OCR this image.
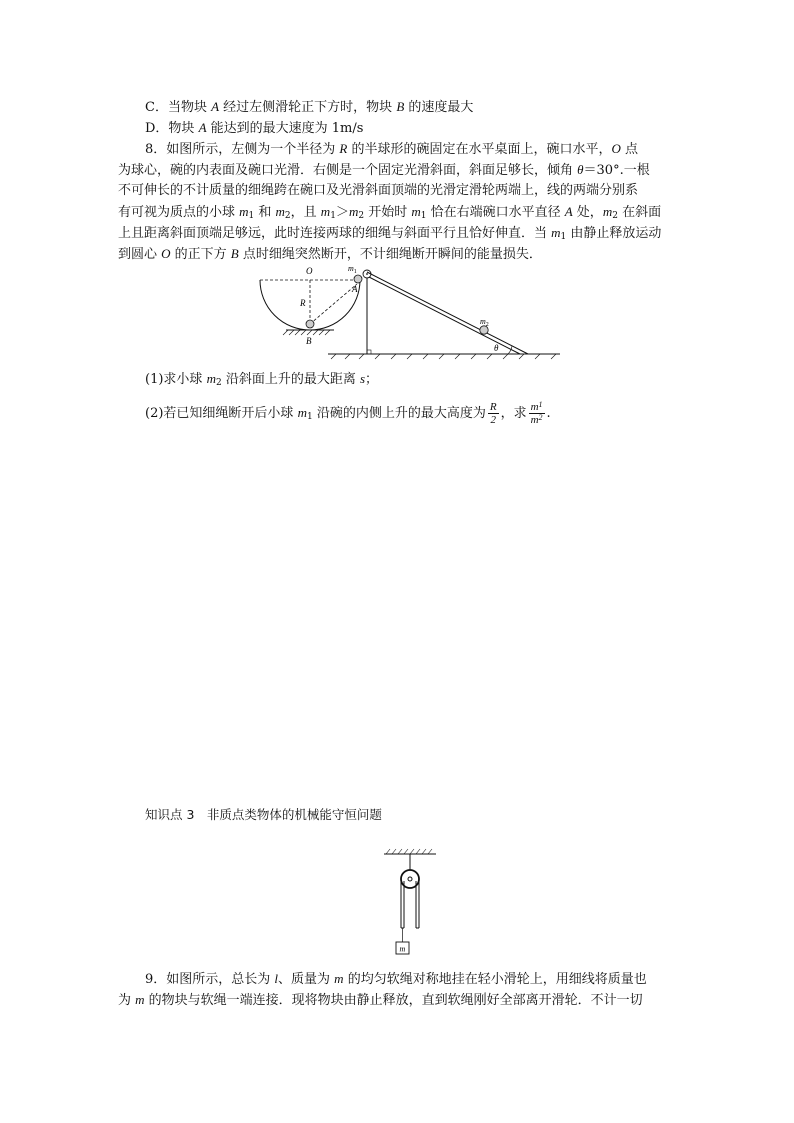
C．当物块 A 经过左侧滑轮正下方时，物块 B 的速度最大
D．物块 A 能达到的最大速度为 1m/s
8．如图所示，左侧为一个半径为 R 的半球形的碗固定在水平桌面上，碗口水平，O 点
为球心，碗的内表面及碗口光滑．右侧是一个固定光滑斜面，斜面足够长，倾角 θ＝30°.一根
不可伸长的不计质量的细绳跨在碗口及光滑斜面顶端的光滑定滑轮两端上，线的两端分别系
有可视为质点的小球 $m_1$ 和 $m_2$，且 $m_1>m_2$ 开始时 $m_1$ 恰在右端碗口水平直径 A 处，$m_2$ 在斜面
上且距离斜面顶端足够远，此时连接两球的细绳与斜面平行且恰好伸直．当 $m_1$ 由静止释放运动
到圆心 O 的正下方 B 点时细绳突然断开，不计细绳断开瞬间的能量损失．
O
R
A
B
$m_1$
$m_2$
θ
(1)求小球 $m_2$ 沿斜面上升的最大距离 s；
(2)若已知细绳断开后小球 $m_1$ 沿碗的内侧上升的最大高度为 $\frac{R}{2}$ ，求 $\frac{m^1}{m^2}$ .
知识点 3　非质点类物体的机械能守恒问题
m
9．如图所示，总长为 l、质量为 m 的均匀软绳对称地挂在轻小滑轮上，用细线将质量也
为 m 的物块与软绳一端连接．现将物块由静止释放，直到软绳刚好全部离开滑轮．不计一切
